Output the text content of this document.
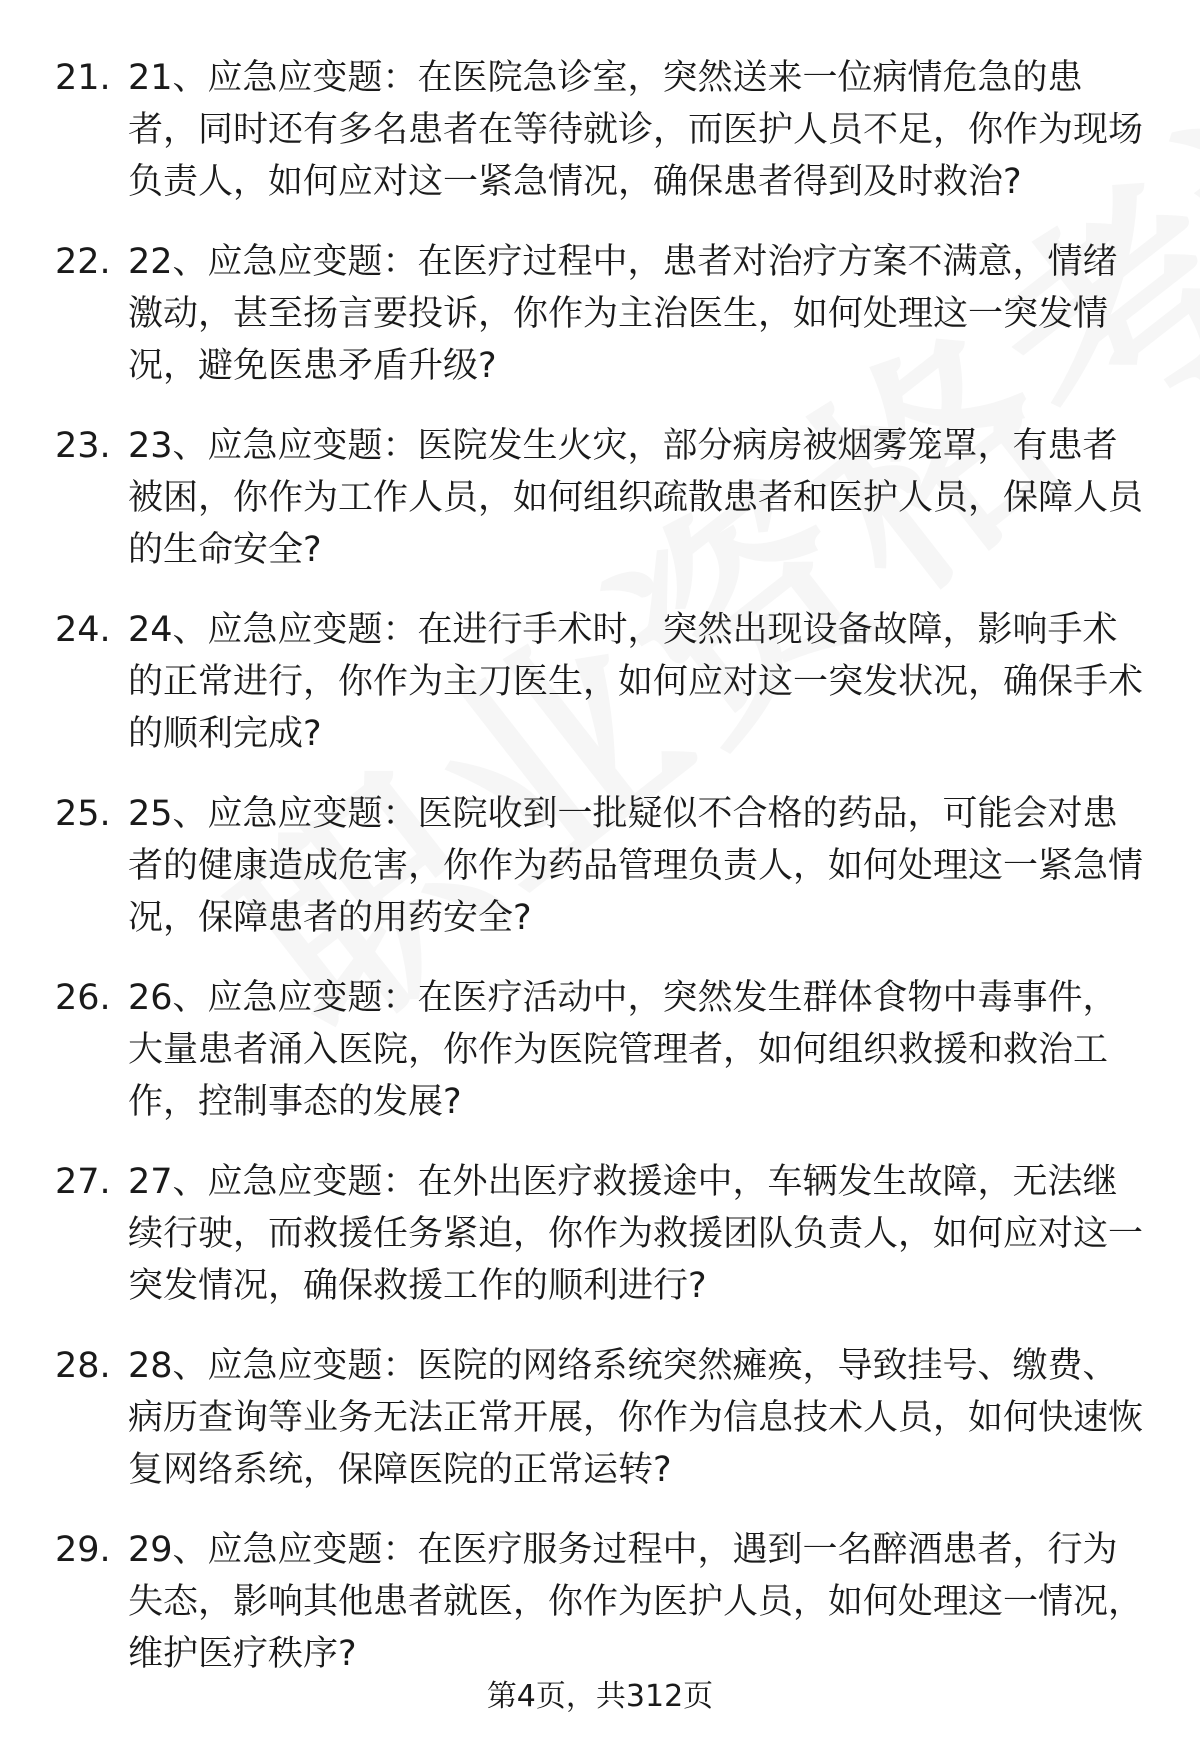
21. 21、应急应变题：在医院急诊室，突然送来一位病情危急的患者，同时还有多名患者在等待就诊，而医护人员不足，你作为现场负责人，如何应对这一紧急情况，确保患者得到及时救治?
22. 22、应急应变题：在医疗过程中，患者对治疗方案不满意，情绪激动，甚至扬言要投诉，你作为主治医生，如何处理这一突发情况，避免医患矛盾升级?
23. 23、应急应变题：医院发生火灾，部分病房被烟雾笼罩，有患者被困，你作为工作人员，如何组织疏散患者和医护人员，保障人员的生命安全?
24. 24、应急应变题：在进行手术时，突然出现设备故障，影响手术的正常进行，你作为主刀医生，如何应对这一突发状况，确保手术的顺利完成?
25. 25、应急应变题：医院收到一批疑似不合格的药品，可能会对患者的健康造成危害，你作为药品管理负责人，如何处理这一紧急情况，保障患者的用药安全?
26. 26、应急应变题：在医疗活动中，突然发生群体食物中毒事件，大量患者涌入医院，你作为医院管理者，如何组织救援和救治工作，控制事态的发展?
27. 27、应急应变题：在外出医疗救援途中，车辆发生故障，无法继续行驶，而救援任务紧迫，你作为救援团队负责人，如何应对这一突发情况，确保救援工作的顺利进行?
28. 28、应急应变题：医院的网络系统突然瘫痪，导致挂号、缴费、病历查询等业务无法正常开展，你作为信息技术人员，如何快速恢复网络系统，保障医院的正常运转?
29. 29、应急应变题：在医疗服务过程中，遇到一名醉酒患者，行为失态，影响其他患者就医，你作为医护人员，如何处理这一情况，维护医疗秩序?
第4页，共312页
